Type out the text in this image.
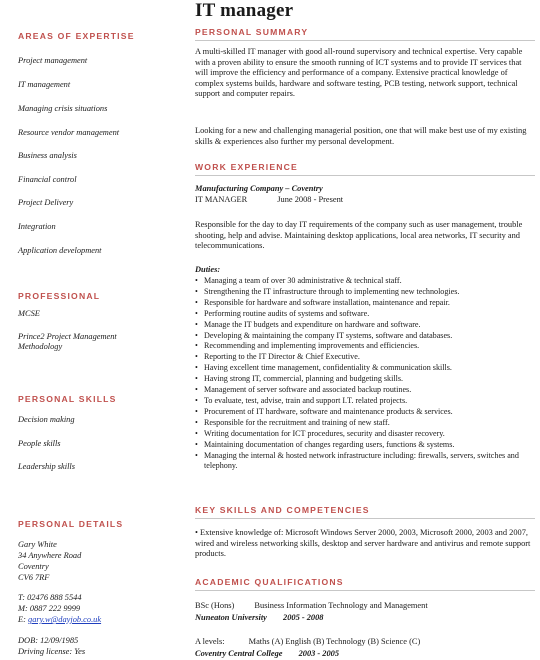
IT manager
AREAS OF EXPERTISE
Project management
IT management
Managing crisis situations
Resource vendor management
Business analysis
Financial control
Project Delivery
Integration
Application development
PROFESSIONAL
MCSE
Prince2 Project Management
Methodology
PERSONAL SKILLS
Decision making
People skills
Leadership skills
PERSONAL DETAILS
Gary White
34 Anywhere Road
Coventry
CV6 7RF
T: 02476 888 5544
M: 0887 222 9999
E: gary.w@dayjob.co.uk
DOB: 12/09/1985
Driving license: Yes
PERSONAL SUMMARY

A multi-skilled IT manager with good all-round supervisory and technical expertise. Very capable with a proven ability to ensure the smooth running of ICT systems and to provide IT services that will improve the efficiency and performance of a company. Extensive practical knowledge of complex systems builds, hardware and software testing, PCB testing, network support, technical support and computer repairs.

Looking for a new and challenging managerial position, one that will make best use of my existing skills & experiences also further my personal development.

WORK EXPERIENCE
Manufacturing Company – Coventry
IT MANAGER	June 2008 - Present

Responsible for the day to day IT requirements of the company such as user management, trouble shooting, help and advise. Maintaining desktop applications, local area networks, IT security and telecommunications.

Duties:
• Managing a team of over 30 administrative & technical staff.
• Strengthening the IT infrastructure through to implementing new technologies.
• Responsible for hardware and software installation, maintenance and repair.
• Performing routine audits of systems and software.
• Manage the IT budgets and expenditure on hardware and software.
• Developing & maintaining the company IT systems, software and databases.
• Recommending and implementing improvements and efficiencies.
• Reporting to the IT Director & Chief Executive.
• Having excellent time management, confidentiality & communication skills.
• Having strong IT, commercial, planning and budgeting skills.
• Management of server software and associated backup routines.
• To evaluate, test, advise, train and support I.T. related projects.
• Procurement of IT hardware, software and maintenance products & services.
• Responsible for the recruitment and training of new staff.
• Writing documentation for ICT procedures, security and disaster recovery.
• Maintaining documentation of changes regarding users, functions & systems.
• Managing the internal & hosted network infrastructure including: firewalls, servers, switches and telephony.
KEY SKILLS AND COMPETENCIES
• Extensive knowledge of: Microsoft Windows Server 2000, 2003, Microsoft 2000, 2003 and 2007, wired and wireless networking skills, desktop and server hardware and antivirus and remote support products.
ACADEMIC QUALIFICATIONS
BSc (Hons) Business Information Technology and Management
Nuneaton University 2005 - 2008
A levels:	Maths (A) English (B) Technology (B) Science (C)
Coventry Central College 2003 - 2005
